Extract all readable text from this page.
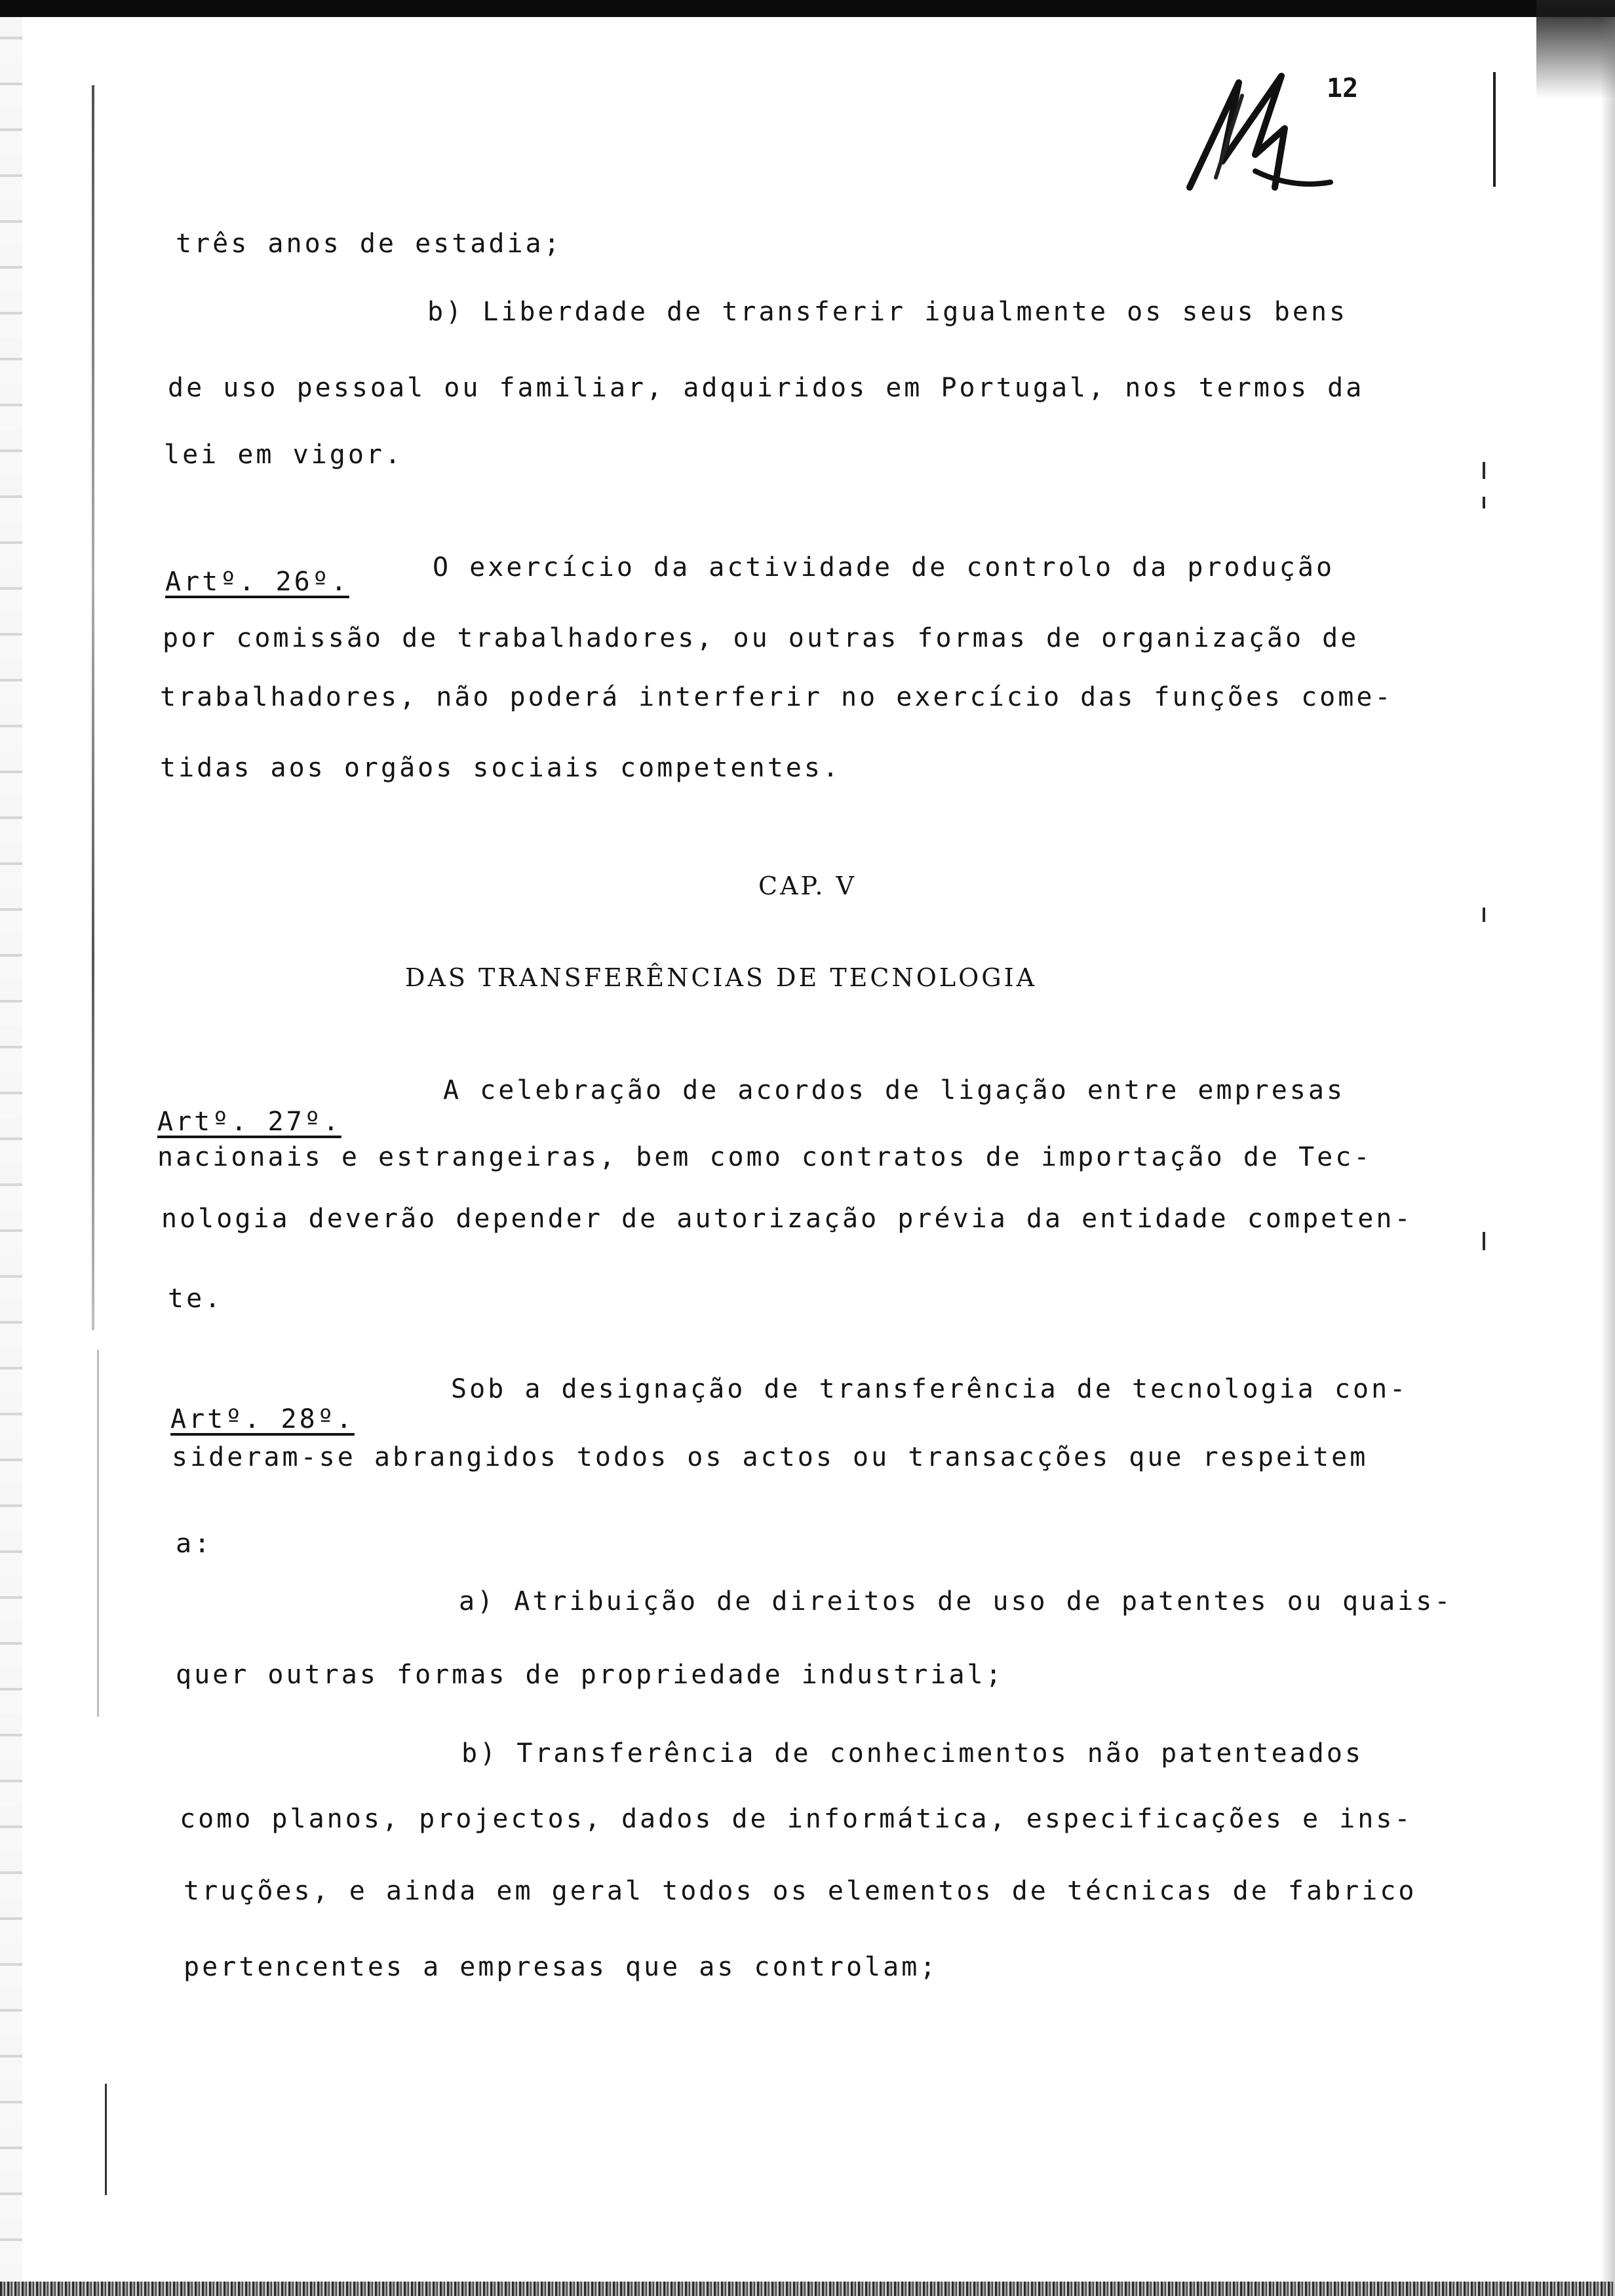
12
três anos de estadia;
b) Liberdade de transferir igualmente os seus bens
de uso pessoal ou familiar, adquiridos em Portugal, nos termos da
lei em vigor.
Artº. 26º.	O exercício da actividade de controlo da produção
por comissão de trabalhadores, ou outras formas de organização de
trabalhadores, não poderá interferir no exercício das funções come-
tidas aos orgãos sociais competentes.
CAP. V
DAS TRANSFERÊNCIAS DE TECNOLOGIA
Artº. 27º.
A celebração de acordos de ligação entre empresas
nacionais e estrangeiras, bem como contratos de importação de Tec-
nologia deverão depender de autorização prévia da entidade competen-
te.
Artº. 28º.
Sob a designação de transferência de tecnologia con-
sideram-se abrangidos todos os actos ou transacções que respeitem
a:
a) Atribuição de direitos de uso de patentes ou quais-
quer outras formas de propriedade industrial;
b) Transferência de conhecimentos não patenteados
como planos, projectos, dados de informática, especificações e ins-
truções, e ainda em geral todos os elementos de técnicas de fabrico
pertencentes a empresas que as controlam;
